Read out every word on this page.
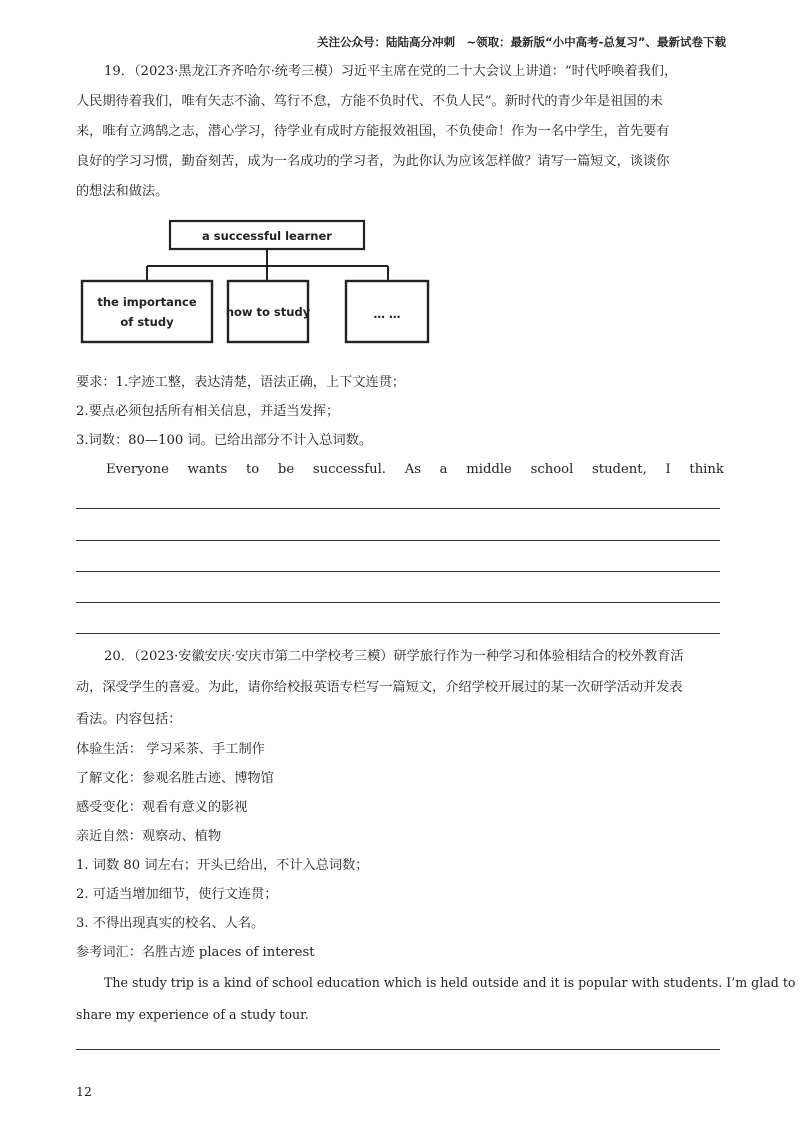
关注公众号：陆陆高分冲刺　~领取：最新版“小中高考-总复习”、最新试卷下载
19．（2023·黑龙江齐齐哈尔·统考三模）习近平主席在党的二十大会议上讲道：“时代呼唤着我们，
人民期待着我们，唯有矢志不渝、笃行不怠，方能不负时代、不负人民”。新时代的青少年是祖国的未
来，唯有立鸿鹄之志，潜心学习，待学业有成时方能报效祖国，不负使命！作为一名中学生，首先要有
良好的学习习惯，勤奋刻苦，成为一名成功的学习者，为此你认为应该怎样做？请写一篇短文，谈谈你
的想法和做法。
a successful learner
the importance
of study
how to study	… …
要求：1.字迹工整，表达清楚，语法正确，上下文连贯；
2.要点必须包括所有相关信息，并适当发挥；
3.词数：80—100 词。已给出部分不计入总词数。
Everyone wants to be successful. As a middle school student, I think
20．（2023·安徽安庆·安庆市第二中学校考三模）研学旅行作为一种学习和体验相结合的校外教育活
动，深受学生的喜爱。为此，请你给校报英语专栏写一篇短文，介绍学校开展过的某一次研学活动并发表
看法。内容包括：
体验生活： 学习采茶、手工制作
了解文化：参观名胜古迹、博物馆
感受变化：观看有意义的影视
亲近自然：观察动、植物
1. 词数 80 词左右；开头已给出，不计入总词数；
2. 可适当增加细节，使行文连贯；
3. 不得出现真实的校名、人名。
参考词汇：名胜古迹 places of interest
The study trip is a kind of school education which is held outside and it is popular with students. I’m glad to
share my experience of a study tour.
12
